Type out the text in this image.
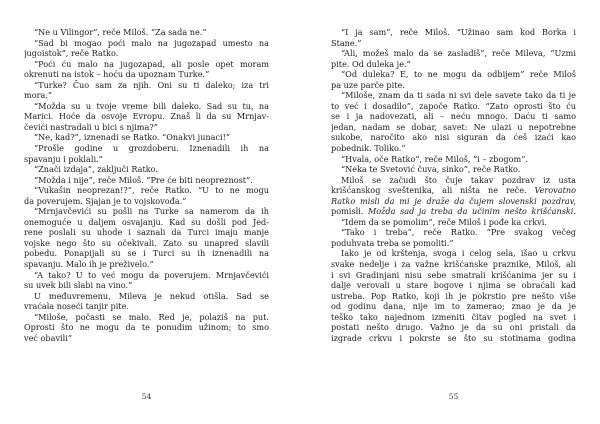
“Ne u Vilingor”, reče Miloš. “Za sada ne.”
“Sad bi mogao poći malo na jugozapad umesto na
jugoistok”, reče Ratko.
“Poći ću malo na jugozapad, ali posle opet moram
okrenuti na istok – hoću da upoznam Turke.”
“Turke? Čuo sam za njih. Oni su ti daleko; iza tri
mora.”
“Možda su u tvoje vreme bili daleko. Sad su tu, na
Marici. Hoće da osvoje Evropu. Znaš li da su Mrnjav-
čevići nastradali u bici s njima?”
“Ne, kad?”, iznenadi se Ratko. “Onakvi junaci!”
“Prošle godine u grozdoberu. Iznenadili ih na
spavanju i poklali.”
“Znači izdaja”, zaključi Ratko.
“Možda i nije”, reče Miloš. “Pre će biti neopreznost”.
“Vukašin neoprezan!?”, reče Ratko. “U to ne mogu
da poverujem. Sjajan je to vojskovođa.”
“Mrnjavčevići su pošli na Turke sa namerom da ih
onemoguće u daljem osvajanju. Kad su došli pod Jed-
rene poslali su uhode i saznali da Turci imaju manje
vojske nego što su očekivali. Zato su unapred slavili
pobedu. Ponapijali su se i Turci su ih iznenadili na
spavanju. Malo ih je preživelo.”
“A tako? U to već mogu da poverujem. Mrnjavčevići
su uvek bili slabi na vino.”
U međuvremenu, Mileva je nekud otišla. Sad se
vraćala noseći tanjir pite.
“Miloše, počasti se malo. Red je, polaziš na put.
Oprosti što ne mogu da te ponudim užinom; to smo
već obavili”
54
“I ja sam”, reče Miloš. “Užinao sam kod Borka i
Stane.”
“Ali, možeš malo da se zasladiš”, reče Mileva, “Uzmi
pite. Od duleka je.”
“Od duleka? E, to ne mogu da odbijem” reče Miloš
pa uze parče pite.
“Miloše, znam da ti sada ni svi dele savete tako da ti je
to već i dosadilo”, započe Ratko. “Zato oprosti što ću
se i ja nadovezati, ali – neću mnogo. Daću ti samo
jedan, nadam se dobar, savet: Ne ulazi u nepotrebne
sukobe, naročito ako nisi siguran da ćeš izaći kao
pobednik. Toliko.”
“Hvala, oče Ratko”, reče Miloš, “i – zbogom”.
“Neka te Svetović čuva, sinko”, reče Ratko.
Miloš se začudi što čuje takav pozdrav iz usta
krišćanskog sveštenika, ali ništa ne reče. Verovatno
Ratko misli da mi je draže da čujem slovenski pozdrav,
pomisli. Možda sad ja treba da učinim nešto krišćanski.
“Idem da se pomolim”, reče Miloš i pođe ka crkvi.
“Tako i treba”, reče Ratko. “Pre svakog večeg
poduhvata treba se pomoliti.”
Iako je od krštenja, svoga i celog sela, išao u crkvu
svake nedelje i za važne krišćanske praznike, Miloš, ali
i svi Gradinjani nisu sebe smatrali krišćanima jer su i
dalje verovali u stare bogove i njima se obraćali kad
ustreba. Pop Ratko, koji ih je pokrstio pre nešto više
od godinu dana, nije im to zamerao; znao je da je
teško tako najednom izmeniti čitav pogled na svet i
postati nešto drugo. Važno je da su oni pristali da
izgrade crkvu i pokrste se što su stotinama godina
55
